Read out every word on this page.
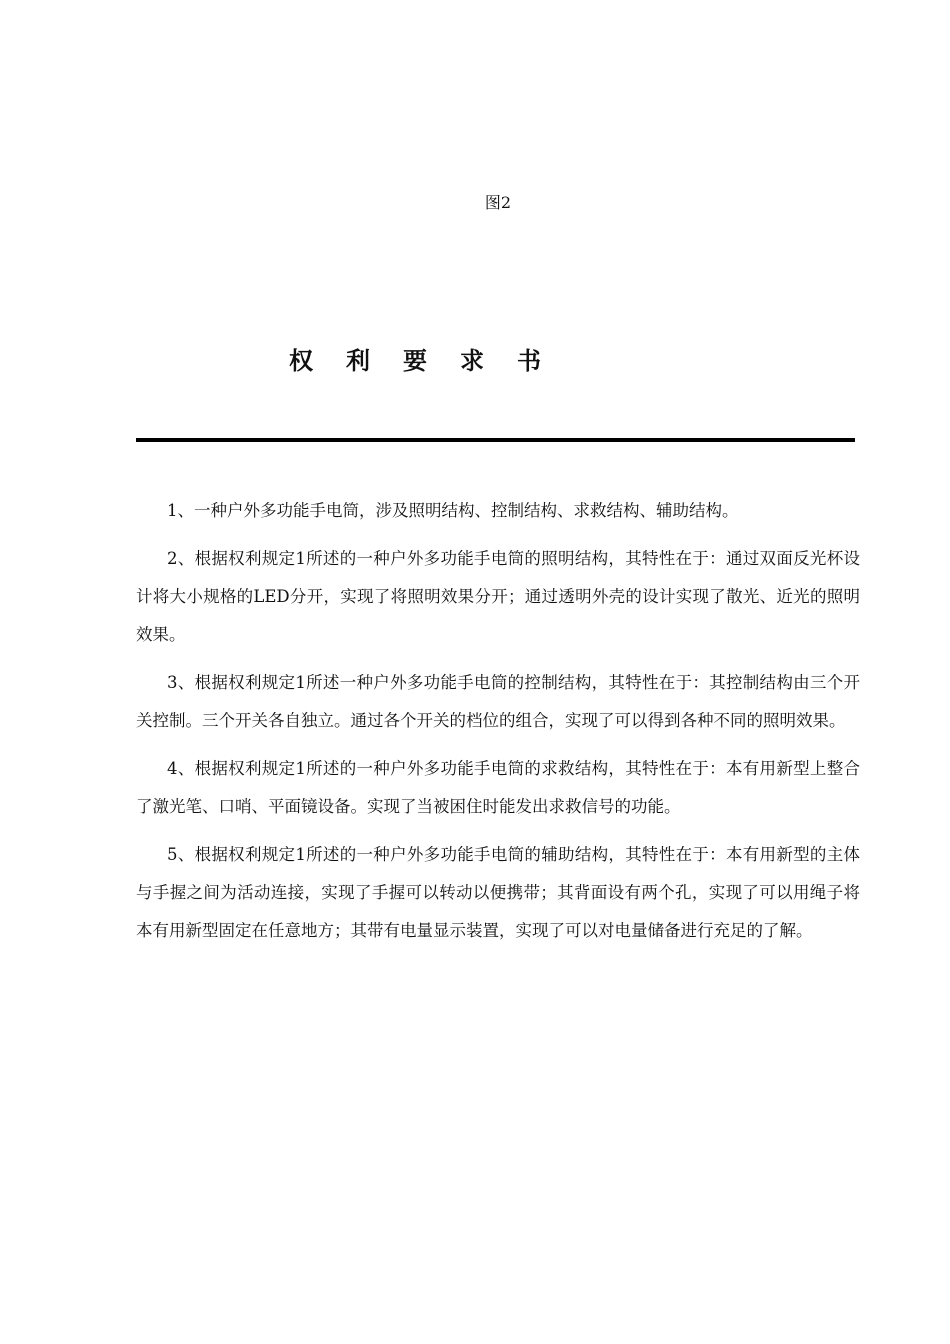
图2
权利要求书

1、一种户外多功能手电筒，涉及照明结构、控制结构、求救结构、辅助结构。

2、根据权利规定1所述的一种户外多功能手电筒的照明结构，其特性在于：通过双面反光杯设计将大小规格的LED分开，实现了将照明效果分开；通过透明外壳的设计实现了散光、近光的照明效果。

3、根据权利规定1所述一种户外多功能手电筒的控制结构，其特性在于：其控制结构由三个开关控制。三个开关各自独立。通过各个开关的档位的组合，实现了可以得到各种不同的照明效果。

4、根据权利规定1所述的一种户外多功能手电筒的求救结构，其特性在于：本有用新型上整合了激光笔、口哨、平面镜设备。实现了当被困住时能发出求救信号的功能。

5、根据权利规定1所述的一种户外多功能手电筒的辅助结构，其特性在于：本有用新型的主体与手握之间为活动连接，实现了手握可以转动以便携带；其背面设有两个孔，实现了可以用绳子将本有用新型固定在任意地方；其带有电量显示装置，实现了可以对电量储备进行充足的了解。
